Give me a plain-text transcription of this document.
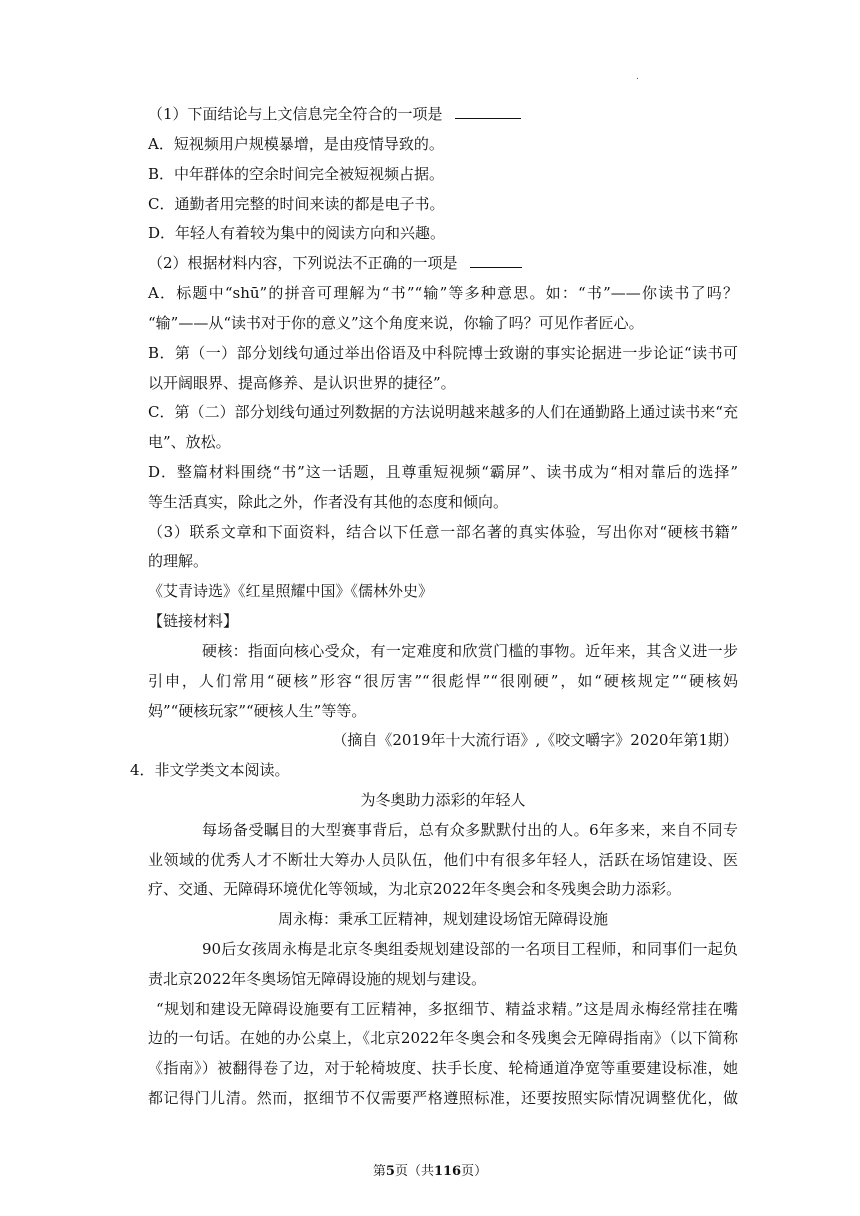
.
（1）下面结论与上文信息完全符合的一项是
A．短视频用户规模暴增，是由疫情导致的。
B．中年群体的空余时间完全被短视频占据。
C．通勤者用完整的时间来读的都是电子书。
D．年轻人有着较为集中的阅读方向和兴趣。
（2）根据材料内容，下列说法不正确的一项是
A．标题中“shū”的拼音可理解为“书”“输”等多种意思。如：“书”——你读书了吗？
“输”——从“读书对于你的意义”这个角度来说，你输了吗？可见作者匠心。
B．第（一）部分划线句通过举出俗语及中科院博士致谢的事实论据进一步论证“读书可
以开阔眼界、提高修养、是认识世界的捷径”。
C．第（二）部分划线句通过列数据的方法说明越来越多的人们在通勤路上通过读书来“充
电”、放松。
D．整篇材料围绕“书”这一话题，且尊重短视频“霸屏”、读书成为“相对靠后的选择”
等生活真实，除此之外，作者没有其他的态度和倾向。
（3）联系文章和下面资料，结合以下任意一部名著的真实体验，写出你对“硬核书籍”
的理解。
《艾青诗选》《红星照耀中国》《儒林外史》
【链接材料】
硬核：指面向核心受众，有一定难度和欣赏门槛的事物。近年来，其含义进一步
引申，人们常用“硬核”形容“很厉害”“很彪悍”“很刚硬”，如“硬核规定”“硬核妈
妈”“硬核玩家”“硬核人生”等等。
（摘自《2019年十大流行语》,《咬文嚼字》2020年第1期）
4．非文学类文本阅读。
为冬奥助力添彩的年轻人
每场备受瞩目的大型赛事背后，总有众多默默付出的人。6年多来，来自不同专
业领域的优秀人才不断壮大筹办人员队伍，他们中有很多年轻人，活跃在场馆建设、医
疗、交通、无障碍环境优化等领域，为北京2022年冬奥会和冬残奥会助力添彩。
周永梅：秉承工匠精神，规划建设场馆无障碍设施
90后女孩周永梅是北京冬奥组委规划建设部的一名项目工程师，和同事们一起负
责北京2022年冬奥场馆无障碍设施的规划与建设。
“规划和建设无障碍设施要有工匠精神，多抠细节、精益求精。”这是周永梅经常挂在嘴
边的一句话。在她的办公桌上，《北京2022年冬奥会和冬残奥会无障碍指南》（以下简称
《指南》）被翻得卷了边，对于轮椅坡度、扶手长度、轮椅通道净宽等重要建设标准，她
都记得门儿清。然而，抠细节不仅需要严格遵照标准，还要按照实际情况调整优化，做
第5页（共116页）
